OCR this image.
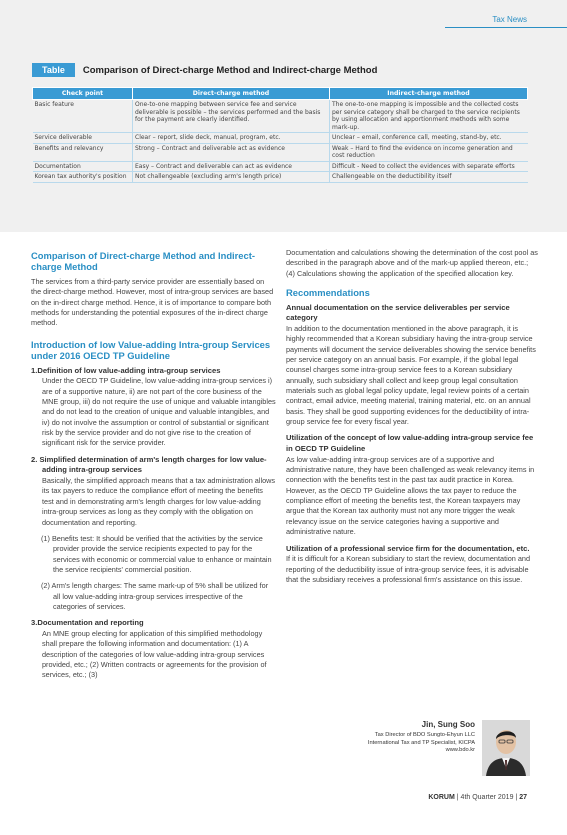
Tax News
Table	Comparison of Direct-charge Method and Indirect-charge Method
Check point	Direct-charge method	Indirect-charge method
Basic feature	One-to-one mapping between service fee and service deliverable is possible – the services performed and the basis for the payment are clearly identified.	The one-to-one mapping is impossible and the collected costs per service category shall be charged to the service recipients by using allocation and apportionment methods with some mark-up.
Service deliverable	Clear – report, slide deck, manual, program, etc.	Unclear – email, conference call, meeting, stand-by, etc.
Benefits and relevancy	Strong – Contract and deliverable act as evidence	Weak – Hard to find the evidence on income generation and cost reduction
Documentation	Easy – Contract and deliverable can act as evidence	Difficult - Need to collect the evidences with separate efforts
Korean tax authority's position	Not challengeable (excluding arm's length price)	Challengeable on the deductibility itself
Comparison of Direct-charge Method and Indirect-charge Method

The services from a third-party service provider are essentially based on the direct-charge method. However, most of intra-group services are based on the in-direct charge method. Hence, it is of importance to compare both methods for understanding the potential exposures of the in-direct charge method.

Introduction of low Value-adding Intra-group Services under 2016 OECD TP Guideline
1.Definition of low value-adding intra-group services

Under the OECD TP Guideline, low value-adding intra-group services i) are of a supportive nature, ii) are not part of the core business of the MNE group, iii) do not require the use of unique and valuable intangibles and do not lead to the creation of unique and valuable intangibles, and iv) do not involve the assumption or control of substantial or significant risk by the service provider and do not give rise to the creation of significant risk for the service provider.

2. Simplified determination of arm's length charges for low value-adding intra-group services

Basically, the simplified approach means that a tax administration allows its tax payers to reduce the compliance effort of meeting the benefits test and in demonstrating arm's length charges for low value-adding intra-group services as long as they comply with the obligation on documentation and reporting.

(1) Benefits test: It should be verified that the activities by the service provider provide the service recipients expected to pay for the services with economic or commercial value to enhance or maintain the service recipients' commercial position.

(2) Arm's length charges: The same mark-up of 5% shall be utilized for all low value-adding intra-group services irrespective of the categories of services.

3.Documentation and reporting

An MNE group electing for application of this simplified methodology shall prepare the following information and documentation: (1) A description of the categories of low value-adding intra-group services provided, etc.; (2) Written contracts or agreements for the provision of services, etc.; (3)

Documentation and calculations showing the determination of the cost pool as described in the paragraph above and of the mark-up applied thereon, etc.; (4) Calculations showing the application of the specified allocation key.

Recommendations
Annual documentation on the service deliverables per service category

In addition to the documentation mentioned in the above paragraph, it is highly recommended that a Korean subsidiary having the intra-group service payments will document the service deliverables showing the service benefits per service category on an annual basis. For example, if the global legal counsel charges some intra-group service fees to a Korean subsidiary annually, such subsidiary shall collect and keep group legal consultation materials such as global legal policy update, legal review points of a certain contract, email advice, meeting material, training material, etc. on an annual basis. They shall be good supporting evidences for the deductibility of intra-group service fee for every fiscal year.

Utilization of the concept of low value-adding intra-group service fee in OECD TP Guideline

As low value-adding intra-group services are of a supportive and administrative nature, they have been challenged as weak relevancy items in connection with the benefits test in the past tax audit practice in Korea. However, as the OECD TP Guideline allows the tax payer to reduce the compliance effort of meeting the benefits test, the Korean taxpayers may argue that the Korean tax authority must not any more trigger the weak relevancy issue on the service categories having a supportive and administrative nature.

Utilization of a professional service firm for the documentation, etc.

If it is difficult for a Korean subsidiary to start the review, documentation and reporting of the deductibility issue of intra-group service fees, it is advisable that the subsidiary receives a professional firm's assistance on this issue.

Jin, Sung Soo
Tax Director of BDO Sungto-Ehyun LLC
International Tax and TP Specialist, KICPA
www.bdo.kr
KORUM | 4th Quarter 2019 | 27
